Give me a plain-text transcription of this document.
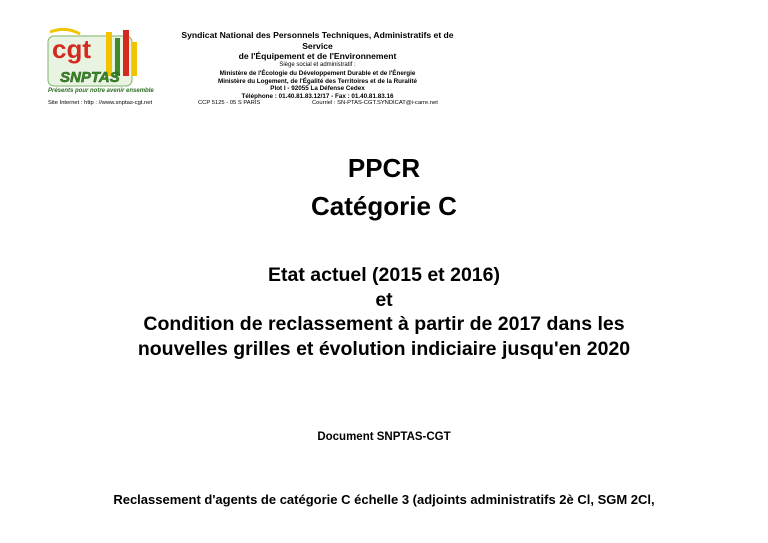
cgt
SNPTAS
Présents pour notre avenir ensemble
Syndicat National des Personnels Techniques, Administratifs et de Service
de l'Équipement et de l'Environnement
Siège social et administratif :
Ministère de l'Écologie du Développement Durable et de l'Énergie
Ministère du Logement, de l'Égalité des Territoires et de la Ruralité
Plot I - 92055 La Défense Cedex
Téléphone : 01.40.81.83.12/17 - Fax : 01.40.81.83.16
Site Internet : http : //www.snptas-cgt.net	CCP 5125 - 05 S PARIS	Courriel : SN-PTAS-CGT.SYNDICAT@i-carre.net
PPCR
Catégorie C
Etat actuel (2015 et 2016)
et
Condition de reclassement à partir de 2017 dans les
nouvelles grilles et évolution indiciaire jusqu'en 2020
Document SNPTAS-CGT
Reclassement d'agents de catégorie C échelle 3 (adjoints administratifs 2è Cl, SGM 2Cl,
